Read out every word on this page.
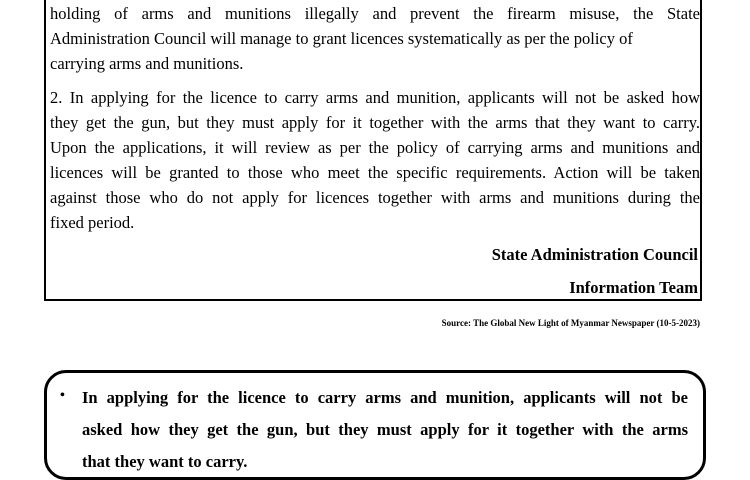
holding of arms and munitions illegally and prevent the firearm misuse, the State

Administration Council will manage to grant licences systematically as per the policy of

carrying arms and munitions.

2. In applying for the licence to carry arms and munition, applicants will not be asked how

they get the gun, but they must apply for it together with the arms that they want to carry.

Upon the applications, it will review as per the policy of carrying arms and munitions and

licences will be granted to those who meet the specific requirements. Action will be taken

against those who do not apply for licences together with arms and munitions during the

fixed period.

State Administration Council
Information Team
Source: The Global New Light of Myanmar Newspaper (10-5-2023)
• In applying for the licence to carry arms and munition, applicants will not be
asked how they get the gun, but they must apply for it together with the arms
that they want to carry.
